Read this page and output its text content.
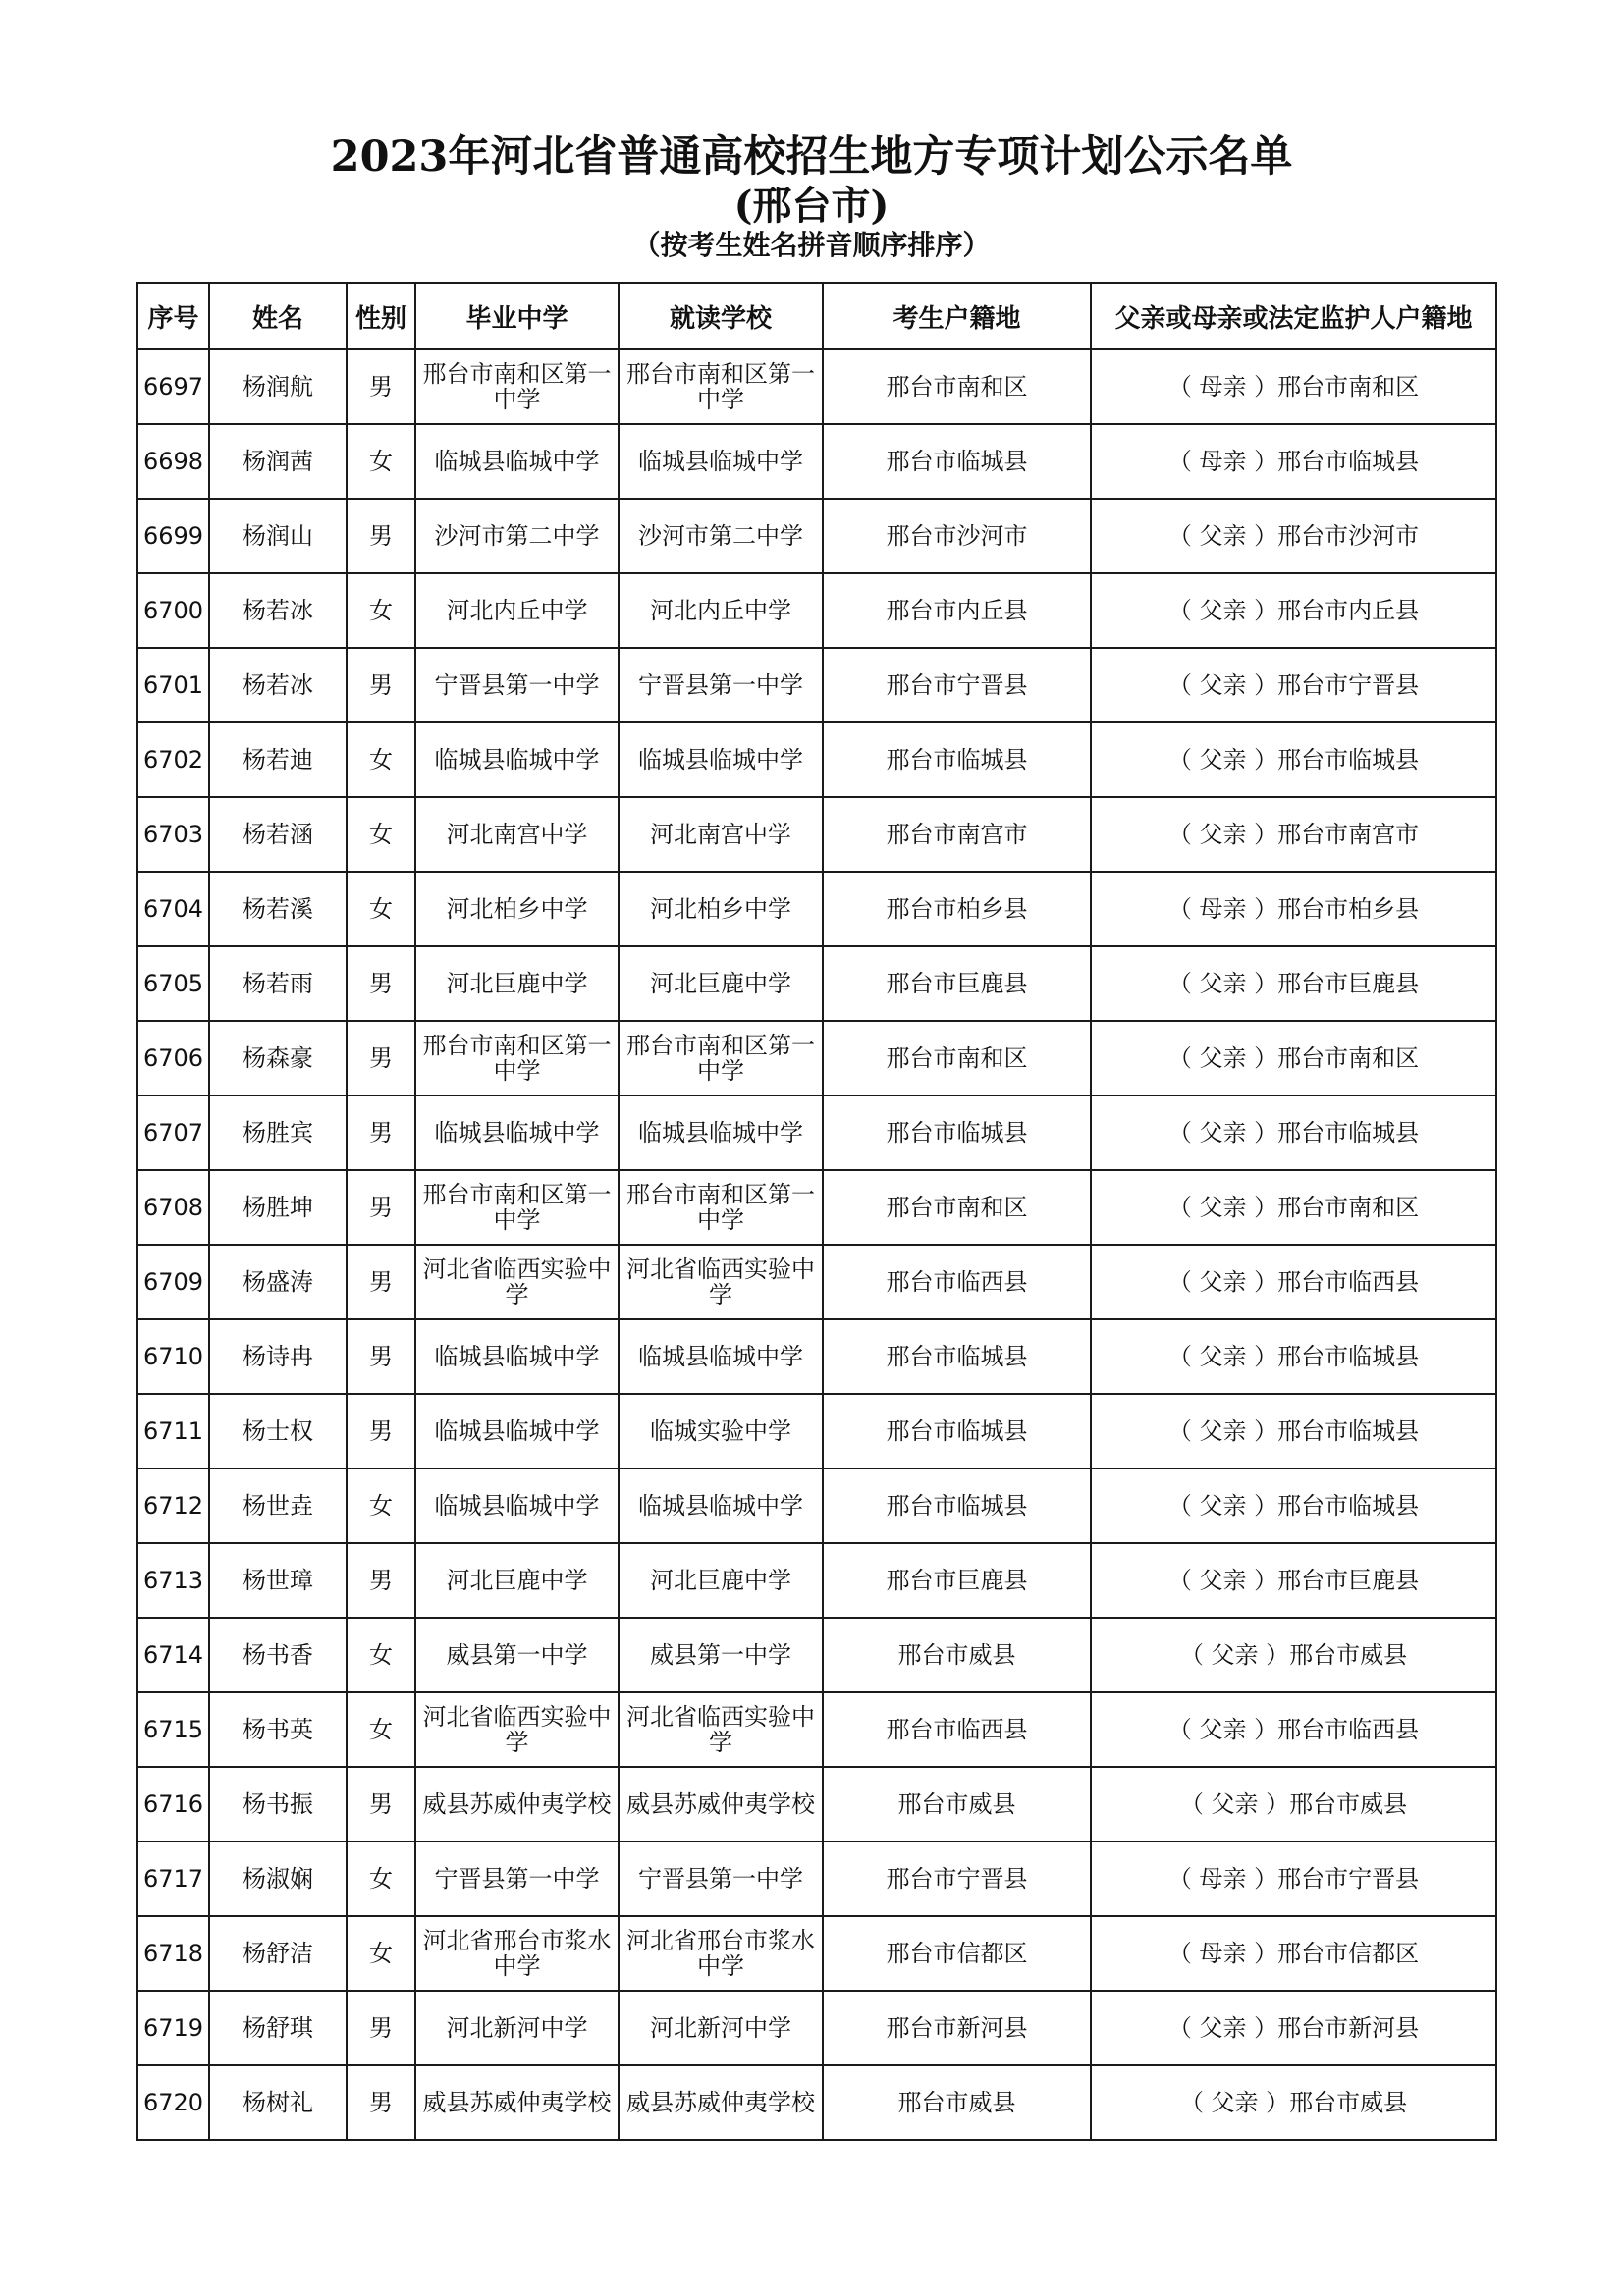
2023年河北省普通高校招生地方专项计划公示名单
(邢台市)
（按考生姓名拼音顺序排序）
序号	姓名	性别	毕业中学	就读学校	考生户籍地	父亲或母亲或法定监护人户籍地
6697	杨润航	男	邢台市南和区第一中学	邢台市南和区第一中学	邢台市南和区	（ 母亲 ）邢台市南和区
6698	杨润茜	女	临城县临城中学	临城县临城中学	邢台市临城县	（ 母亲 ）邢台市临城县
6699	杨润山	男	沙河市第二中学	沙河市第二中学	邢台市沙河市	（ 父亲 ）邢台市沙河市
6700	杨若冰	女	河北内丘中学	河北内丘中学	邢台市内丘县	（ 父亲 ）邢台市内丘县
6701	杨若冰	男	宁晋县第一中学	宁晋县第一中学	邢台市宁晋县	（ 父亲 ）邢台市宁晋县
6702	杨若迪	女	临城县临城中学	临城县临城中学	邢台市临城县	（ 父亲 ）邢台市临城县
6703	杨若涵	女	河北南宫中学	河北南宫中学	邢台市南宫市	（ 父亲 ）邢台市南宫市
6704	杨若溪	女	河北柏乡中学	河北柏乡中学	邢台市柏乡县	（ 母亲 ）邢台市柏乡县
6705	杨若雨	男	河北巨鹿中学	河北巨鹿中学	邢台市巨鹿县	（ 父亲 ）邢台市巨鹿县
6706	杨森豪	男	邢台市南和区第一中学	邢台市南和区第一中学	邢台市南和区	（ 父亲 ）邢台市南和区
6707	杨胜宾	男	临城县临城中学	临城县临城中学	邢台市临城县	（ 父亲 ）邢台市临城县
6708	杨胜坤	男	邢台市南和区第一中学	邢台市南和区第一中学	邢台市南和区	（ 父亲 ）邢台市南和区
6709	杨盛涛	男	河北省临西实验中学	河北省临西实验中学	邢台市临西县	（ 父亲 ）邢台市临西县
6710	杨诗冉	男	临城县临城中学	临城县临城中学	邢台市临城县	（ 父亲 ）邢台市临城县
6711	杨士权	男	临城县临城中学	临城实验中学	邢台市临城县	（ 父亲 ）邢台市临城县
6712	杨世垚	女	临城县临城中学	临城县临城中学	邢台市临城县	（ 父亲 ）邢台市临城县
6713	杨世璋	男	河北巨鹿中学	河北巨鹿中学	邢台市巨鹿县	（ 父亲 ）邢台市巨鹿县
6714	杨书香	女	威县第一中学	威县第一中学	邢台市威县	（ 父亲 ）邢台市威县
6715	杨书英	女	河北省临西实验中学	河北省临西实验中学	邢台市临西县	（ 父亲 ）邢台市临西县
6716	杨书振	男	威县苏威仲夷学校	威县苏威仲夷学校	邢台市威县	（ 父亲 ）邢台市威县
6717	杨淑娴	女	宁晋县第一中学	宁晋县第一中学	邢台市宁晋县	（ 母亲 ）邢台市宁晋县
6718	杨舒洁	女	河北省邢台市浆水中学	河北省邢台市浆水中学	邢台市信都区	（ 母亲 ）邢台市信都区
6719	杨舒琪	男	河北新河中学	河北新河中学	邢台市新河县	（ 父亲 ）邢台市新河县
6720	杨树礼	男	威县苏威仲夷学校	威县苏威仲夷学校	邢台市威县	（ 父亲 ）邢台市威县
